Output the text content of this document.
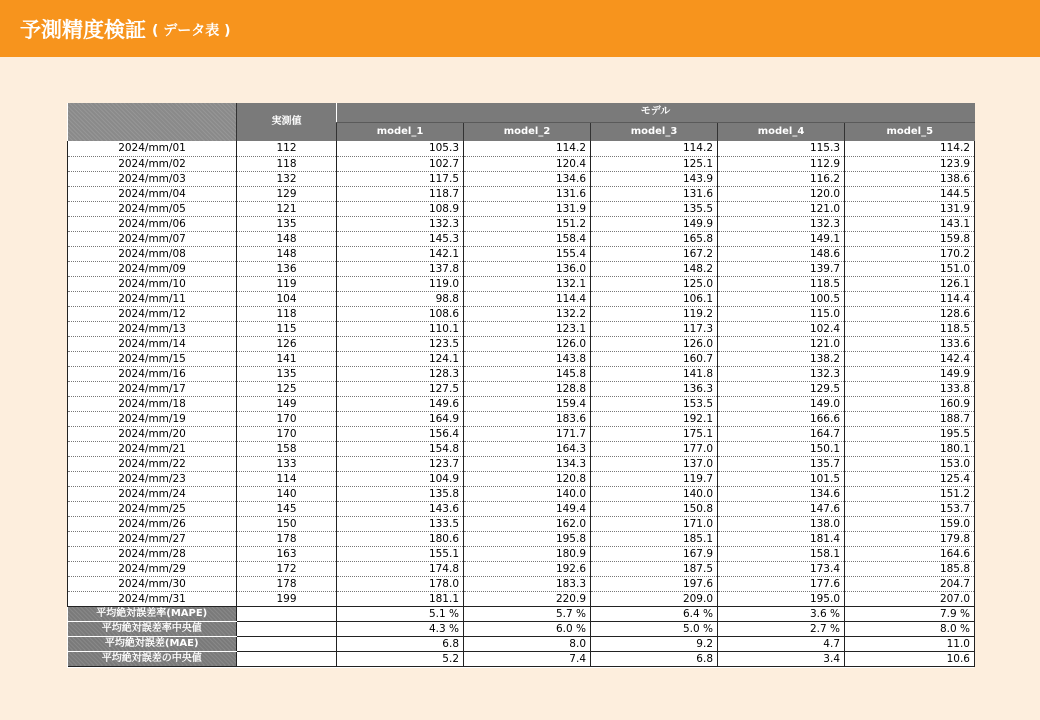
予測精度検証 ( データ表 )
	実測値	モデル				
		model_1	model_2	model_3	model_4	model_5
2024/mm/01	112	105.3	114.2	114.2	115.3	114.2
2024/mm/02	118	102.7	120.4	125.1	112.9	123.9
2024/mm/03	132	117.5	134.6	143.9	116.2	138.6
2024/mm/04	129	118.7	131.6	131.6	120.0	144.5
2024/mm/05	121	108.9	131.9	135.5	121.0	131.9
2024/mm/06	135	132.3	151.2	149.9	132.3	143.1
2024/mm/07	148	145.3	158.4	165.8	149.1	159.8
2024/mm/08	148	142.1	155.4	167.2	148.6	170.2
2024/mm/09	136	137.8	136.0	148.2	139.7	151.0
2024/mm/10	119	119.0	132.1	125.0	118.5	126.1
2024/mm/11	104	98.8	114.4	106.1	100.5	114.4
2024/mm/12	118	108.6	132.2	119.2	115.0	128.6
2024/mm/13	115	110.1	123.1	117.3	102.4	118.5
2024/mm/14	126	123.5	126.0	126.0	121.0	133.6
2024/mm/15	141	124.1	143.8	160.7	138.2	142.4
2024/mm/16	135	128.3	145.8	141.8	132.3	149.9
2024/mm/17	125	127.5	128.8	136.3	129.5	133.8
2024/mm/18	149	149.6	159.4	153.5	149.0	160.9
2024/mm/19	170	164.9	183.6	192.1	166.6	188.7
2024/mm/20	170	156.4	171.7	175.1	164.7	195.5
2024/mm/21	158	154.8	164.3	177.0	150.1	180.1
2024/mm/22	133	123.7	134.3	137.0	135.7	153.0
2024/mm/23	114	104.9	120.8	119.7	101.5	125.4
2024/mm/24	140	135.8	140.0	140.0	134.6	151.2
2024/mm/25	145	143.6	149.4	150.8	147.6	153.7
2024/mm/26	150	133.5	162.0	171.0	138.0	159.0
2024/mm/27	178	180.6	195.8	185.1	181.4	179.8
2024/mm/28	163	155.1	180.9	167.9	158.1	164.6
2024/mm/29	172	174.8	192.6	187.5	173.4	185.8
2024/mm/30	178	178.0	183.3	197.6	177.6	204.7
2024/mm/31	199	181.1	220.9	209.0	195.0	207.0
平均絶対誤差率(MAPE)		5.1 %	5.7 %	6.4 %	3.6 %	7.9 %
平均絶対誤差率中央値		4.3 %	6.0 %	5.0 %	2.7 %	8.0 %
平均絶対誤差(MAE)		6.8	8.0	9.2	4.7	11.0
平均絶対誤差の中央値		5.2	7.4	6.8	3.4	10.6
